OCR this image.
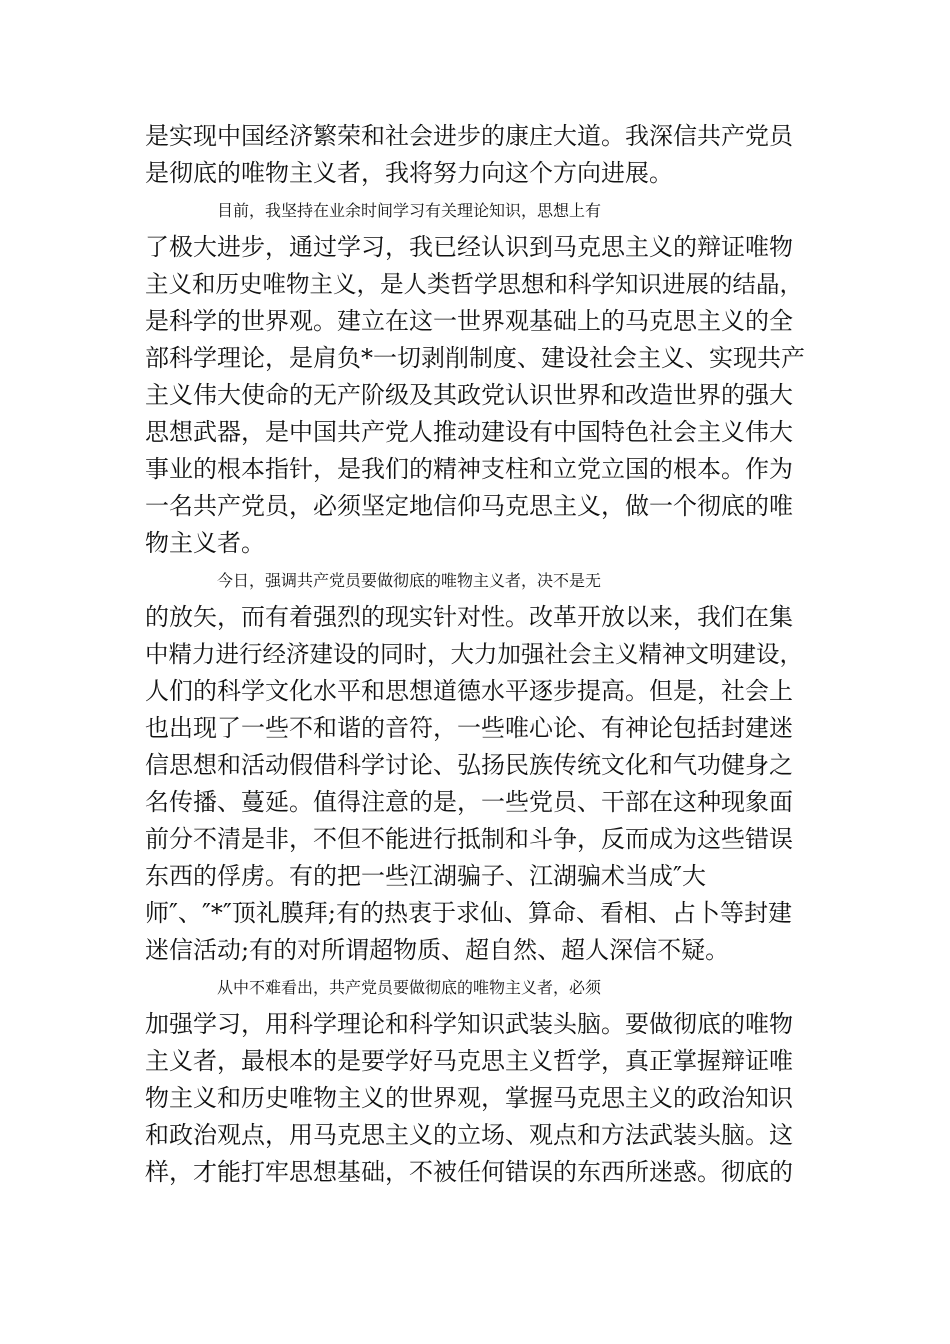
是实现中国经济繁荣和社会进步的康庄大道。我深信共产党员
是彻底的唯物主义者，我将努力向这个方向进展。
目前，我坚持在业余时间学习有关理论知识，思想上有
了极大进步，通过学习，我已经认识到马克思主义的辩证唯物
主义和历史唯物主义，是人类哲学思想和科学知识进展的结晶，
是科学的世界观。建立在这一世界观基础上的马克思主义的全
部科学理论，是肩负*一切剥削制度、建设社会主义、实现共产
主义伟大使命的无产阶级及其政党认识世界和改造世界的强大
思想武器，是中国共产党人推动建设有中国特色社会主义伟大
事业的根本指针，是我们的精神支柱和立党立国的根本。作为
一名共产党员，必须坚定地信仰马克思主义，做一个彻底的唯
物主义者。
今日，强调共产党员要做彻底的唯物主义者，决不是无
的放矢，而有着强烈的现实针对性。改革开放以来，我们在集
中精力进行经济建设的同时，大力加强社会主义精神文明建设，
人们的科学文化水平和思想道德水平逐步提高。但是，社会上
也出现了一些不和谐的音符，一些唯心论、有神论包括封建迷
信思想和活动假借科学讨论、弘扬民族传统文化和气功健身之
名传播、蔓延。值得注意的是，一些党员、干部在这种现象面
前分不清是非，不但不能进行抵制和斗争，反而成为这些错误
东西的俘虏。有的把一些江湖骗子、江湖骗术当成″大
师″、″*″顶礼膜拜;有的热衷于求仙、算命、看相、占卜等封建
迷信活动;有的对所谓超物质、超自然、超人深信不疑。
从中不难看出，共产党员要做彻底的唯物主义者，必须
加强学习，用科学理论和科学知识武装头脑。要做彻底的唯物
主义者，最根本的是要学好马克思主义哲学，真正掌握辩证唯
物主义和历史唯物主义的世界观，掌握马克思主义的政治知识
和政治观点，用马克思主义的立场、观点和方法武装头脑。这
样，才能打牢思想基础，不被任何错误的东西所迷惑。彻底的
